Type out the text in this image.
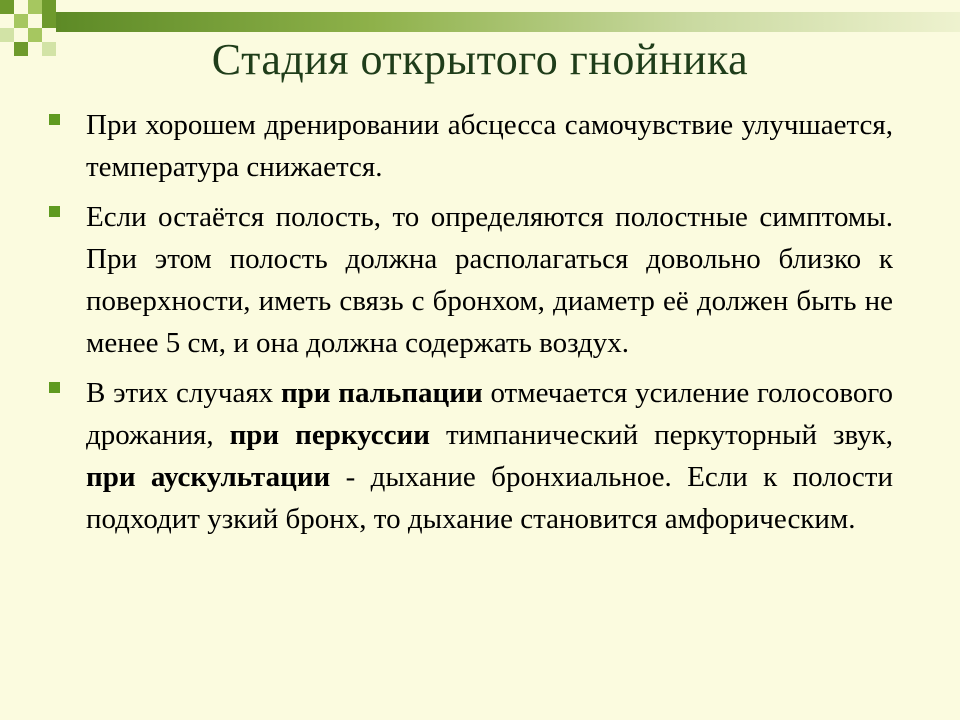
Стадия открытого гнойника
При хорошем дренировании абсцесса самочувствие улучшается, температура снижается.
Если остаётся полость, то определяются полостные симптомы. При этом полость должна располагаться довольно близко к поверхности, иметь связь с бронхом, диаметр её должен быть не менее 5 см, и она должна содержать воздух.
В этих случаях при пальпации отмечается усиление голосового дрожания, при перкуссии тимпанический перкуторный звук, при аускультации - дыхание бронхиальное. Если к полости подходит узкий бронх, то дыхание становится амфорическим.
